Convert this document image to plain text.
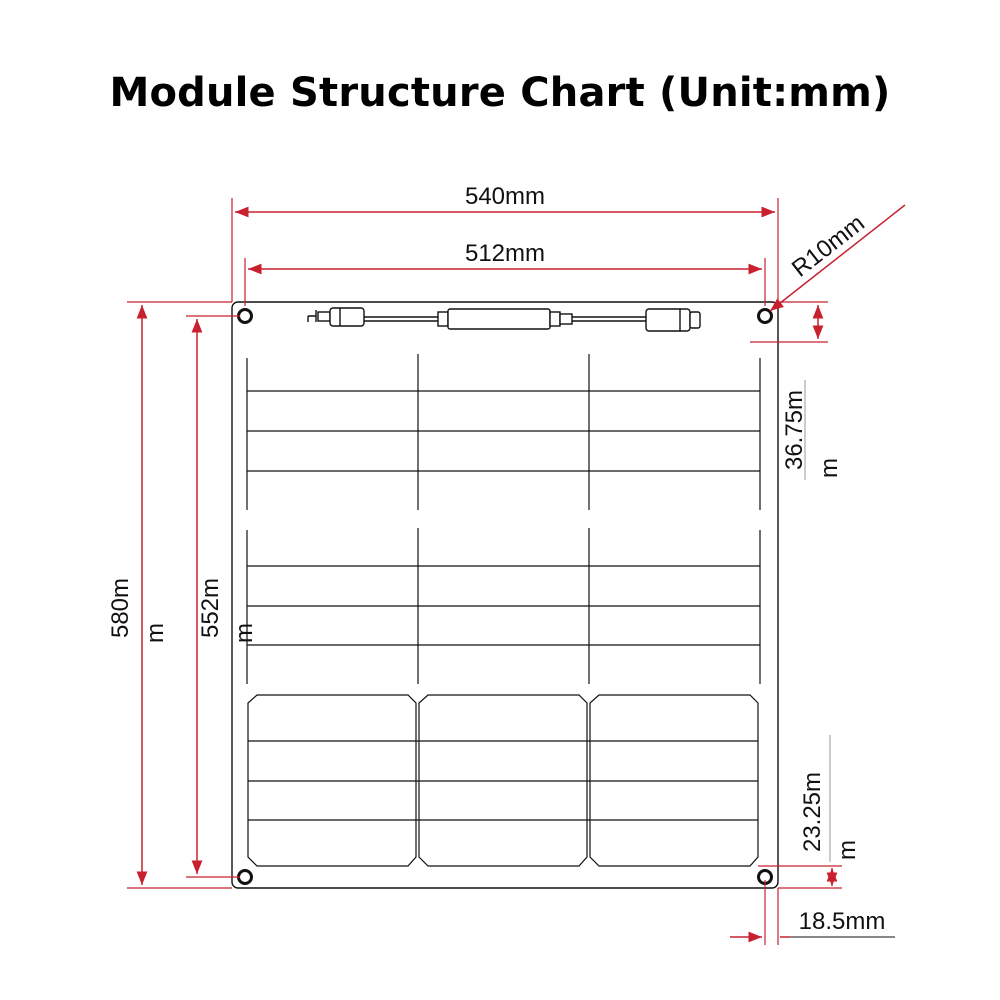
Module Structure Chart (Unit:mm)
540mm
512mm
580m m 552m m
R10mm
36.75m m
23.25m m
18.5mm
